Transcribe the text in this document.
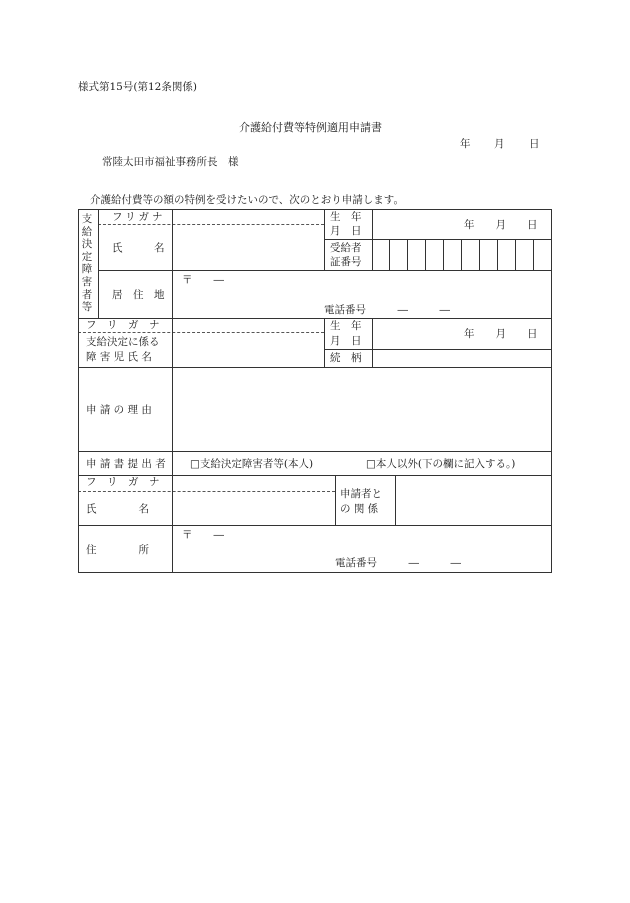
様式第15号(第12条関係)
介護給付費等特例適用申請書
年 月 日
常陸太田市福祉事務所長　様
介護給付費等の額の特例を受けたいので、次のとおり申請します。
支給決定障害者等
フリガナ
氏　　　名
居　住　地
〒　　―
電話番号　　　―　　　―
生　年
月　日	年　　月　　日
受給者
証番号
フ　リ　ガ　ナ
支給決定に係る
障 害 児 氏 名
生　年
月　日
年　　月　　日
続　柄
申 請 の 理 由
申 請 書 提 出 者 □支給決定障害者等(本人)	□本人以外(下の欄に記入する。)
フ　リ　ガ　ナ
氏　　　　名
申請者と
の 関 係
住　　　　所
〒　　―
電話番号　　　―　　　―
